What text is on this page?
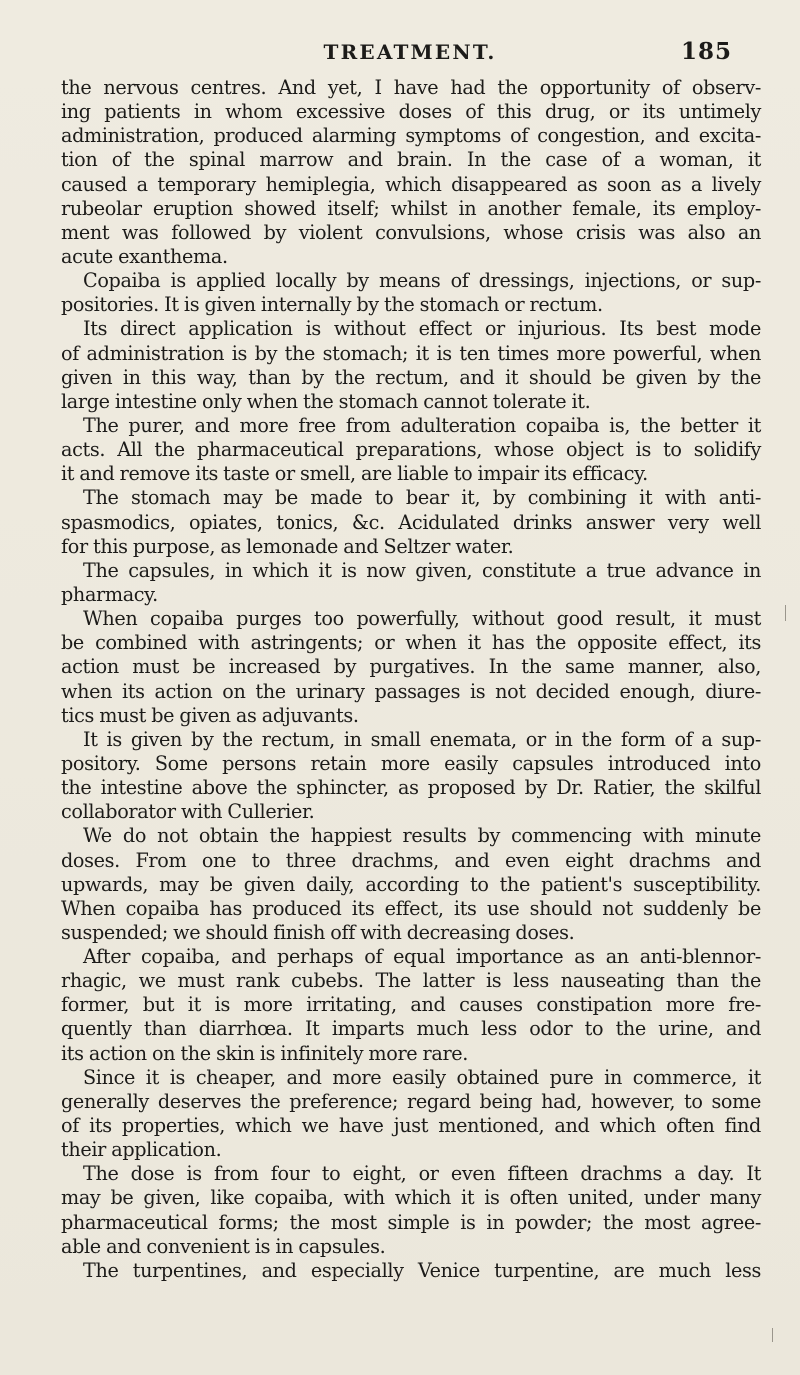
TREATMENT.	185
the nervous centres. And yet, I have had the opportunity of observ-
ing patients in whom excessive doses of this drug, or its untimely
administration, produced alarming symptoms of congestion, and excita-
tion of the spinal marrow and brain. In the case of a woman, it
caused a temporary hemiplegia, which disappeared as soon as a lively
rubeolar eruption showed itself; whilst in another female, its employ-
ment was followed by violent convulsions, whose crisis was also an
acute exanthema.
Copaiba is applied locally by means of dressings, injections, or sup-
positories. It is given internally by the stomach or rectum.
Its direct application is without effect or injurious. Its best mode
of administration is by the stomach; it is ten times more powerful, when
given in this way, than by the rectum, and it should be given by the
large intestine only when the stomach cannot tolerate it.
The purer, and more free from adulteration copaiba is, the better it
acts. All the pharmaceutical preparations, whose object is to solidify
it and remove its taste or smell, are liable to impair its efficacy.
The stomach may be made to bear it, by combining it with anti-
spasmodics, opiates, tonics, &c. Acidulated drinks answer very well
for this purpose, as lemonade and Seltzer water.
The capsules, in which it is now given, constitute a true advance in
pharmacy.
When copaiba purges too powerfully, without good result, it must
be combined with astringents; or when it has the opposite effect, its
action must be increased by purgatives. In the same manner, also,
when its action on the urinary passages is not decided enough, diure-
tics must be given as adjuvants.
It is given by the rectum, in small enemata, or in the form of a sup-
pository. Some persons retain more easily capsules introduced into
the intestine above the sphincter, as proposed by Dr. Ratier, the skilful
collaborator with Cullerier.
We do not obtain the happiest results by commencing with minute
doses. From one to three drachms, and even eight drachms and
upwards, may be given daily, according to the patient's susceptibility.
When copaiba has produced its effect, its use should not suddenly be
suspended; we should finish off with decreasing doses.
After copaiba, and perhaps of equal importance as an anti-blennor-
rhagic, we must rank cubebs. The latter is less nauseating than the
former, but it is more irritating, and causes constipation more fre-
quently than diarrhœa. It imparts much less odor to the urine, and
its action on the skin is infinitely more rare.
Since it is cheaper, and more easily obtained pure in commerce, it
generally deserves the preference; regard being had, however, to some
of its properties, which we have just mentioned, and which often find
their application.
The dose is from four to eight, or even fifteen drachms a day. It
may be given, like copaiba, with which it is often united, under many
pharmaceutical forms; the most simple is in powder; the most agree-
able and convenient is in capsules.
The turpentines, and especially Venice turpentine, are much less
